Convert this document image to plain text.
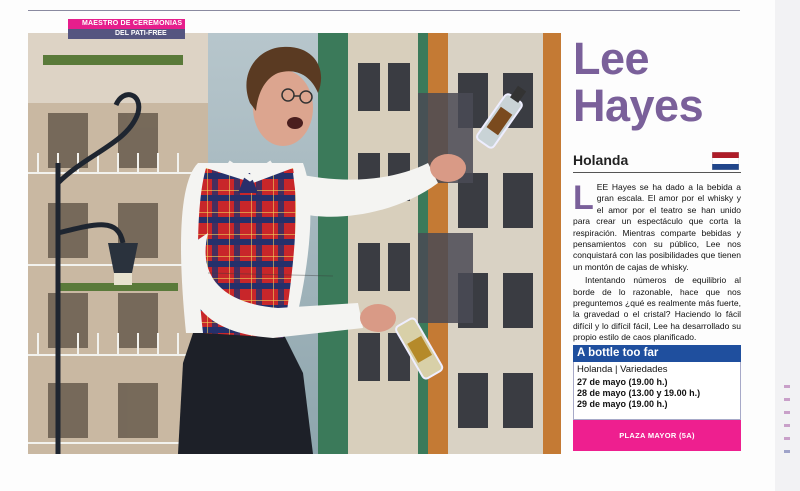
MAESTRO DE CEREMONIAS
DEL PATI-FREE	Lee
Hayes
Holanda

LEE Hayes se ha dado a la bebida a gran escala. El amor por el whisky y el amor por el teatro se han unido para crear un espectáculo que corta la respiración. Mientras comparte bebidas y pensamientos con su público, Lee nos conquistará con las posibilidades que tienen un montón de cajas de whisky.

Intentando números de equilibrio al borde de lo razonable, hace que nos preguntemos ¿qué es realmente más fuerte, la gravedad o el cristal? Haciendo lo fácil difícil y lo difícil fácil, Lee ha desarrollado su propio estilo de caos planificado.

A bottle too far
Holanda | Variedades
27 de mayo (19.00 h.)
28 de mayo (13.00 y 19.00 h.)
29 de mayo (19.00 h.)
PLAZA MAYOR (5A)
